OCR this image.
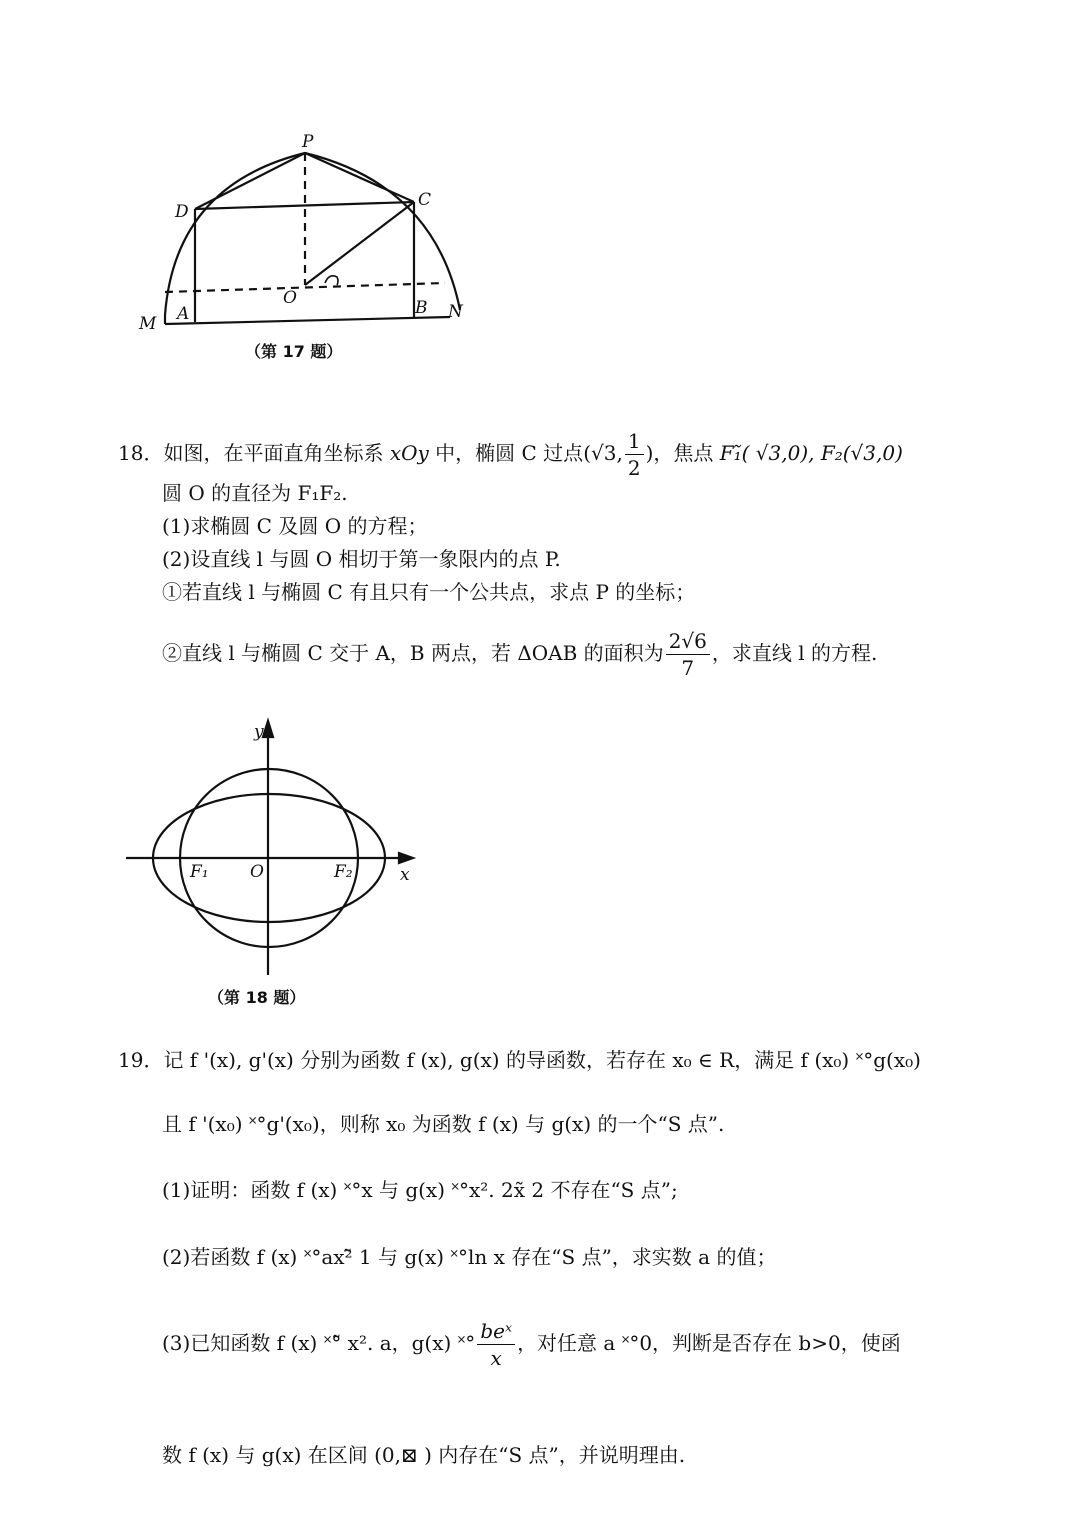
P
D
C
O
M A	B N
（第 17 题）
18．如图，在平面直角坐标系 xOy 中，椭圆 C 过点(√3, $\frac{1}{2}$ )，焦点 F₁̃( √3,0), F₂(√3,0)
圆 O 的直径为 F₁F₂.
(1)求椭圆 C 及圆 O 的方程；
(2)设直线 l 与圆 O 相切于第一象限内的点 P.
①若直线 l 与椭圆 C 有且只有一个公共点，求点 P 的坐标；
②直线 l 与椭圆 C 交于 A，B 两点，若 ΔOAB 的面积为 $\frac{2√6}{7}$ ，求直线 l 的方程.
y
x
F₁ O	F₂
（第 18 题）
19．记 f '(x), g'(x) 分别为函数 f (x), g(x) 的导函数，若存在 x₀ ∈ R，满足 f (x₀) ˟°g(x₀)
且 f '(x₀) ˟°g'(x₀)，则称 x₀ 为函数 f (x) 与 g(x) 的一个“S 点”.
(1)证明：函数 f (x) ˟°x 与 g(x) ˟°x². 2x̃ 2 不存在“S 点”;
(2)若函数 f (x) ˟°ax²̃ 1 与 g(x) ˟°ln x 存在“S 点”，求实数 a 的值；
(3)已知函数 f (x) ˟°̃ x². a，g(x) ˟° $\frac{\text{beˣ}}{x}$ ，对任意 a ˟°0，判断是否存在 b>0，使函
数 f (x) 与 g(x) 在区间 (0,⊠ ) 内存在“S 点”，并说明理由.
